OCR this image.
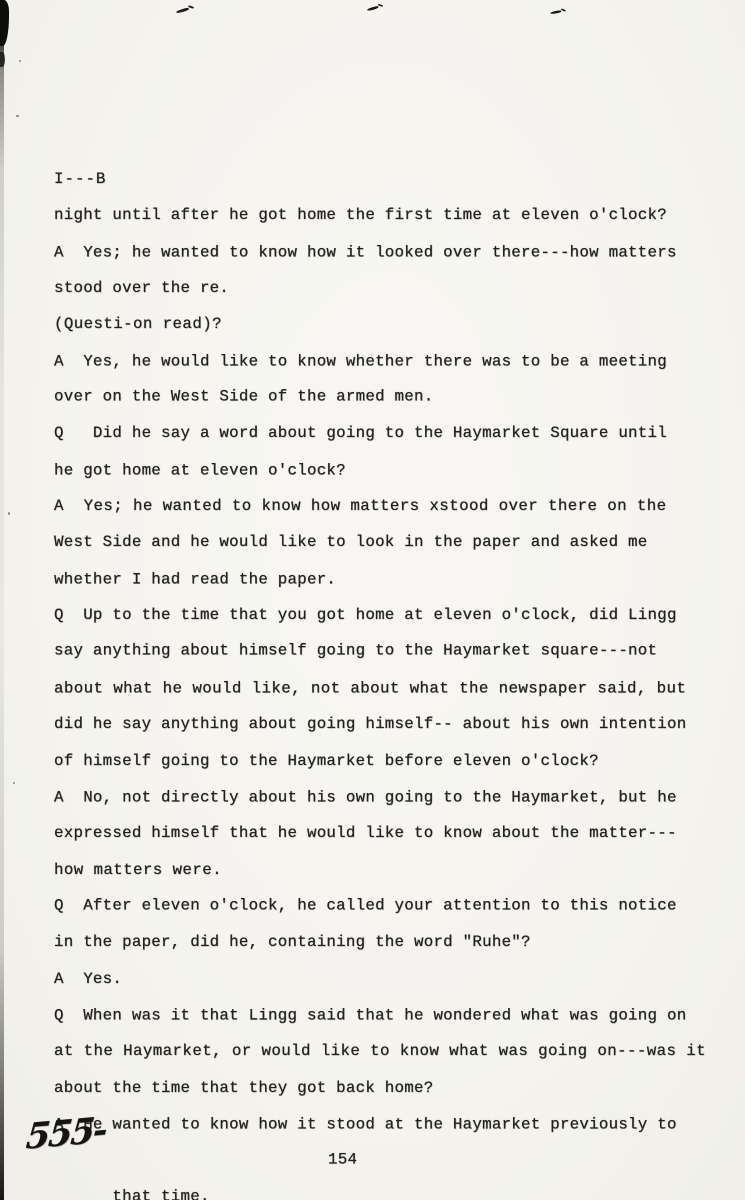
I---B
night until after he got home the first time at eleven o'clock?
A  Yes; he wanted to know how it looked over there---how matters
stood over the re.
(Questi-on read)?
A  Yes, he would like to know whether there was to be a meeting
over on the West Side of the armed men.
Q   Did he say a word about going to the Haymarket Square until
he got home at eleven o'clock?
A  Yes; he wanted to know how matters xstood over there on the
West Side and he would like to look in the paper and asked me
whether I had read the paper.
Q  Up to the time that you got home at eleven o'clock, did Lingg
say anything about himself going to the Haymarket square---not
about what he would like, not about what the newspaper said, but
did he say anything about going himself-- about his own intention
of himself going to the Haymarket before eleven o'clock?
A  No, not directly about his own going to the Haymarket, but he
expressed himself that he would like to know about the matter---
how matters were.
Q  After eleven o'clock, he called your attention to this notice
in the paper, did he, containing the word "Ruhe"?
A  Yes.
Q  When was it that Lingg said that he wondered what was going on
at the Haymarket, or would like to know what was going on---was it
about the time that they got back home?
A  He wanted to know how it stood at the Haymarket previously to

that time.

154

555-
